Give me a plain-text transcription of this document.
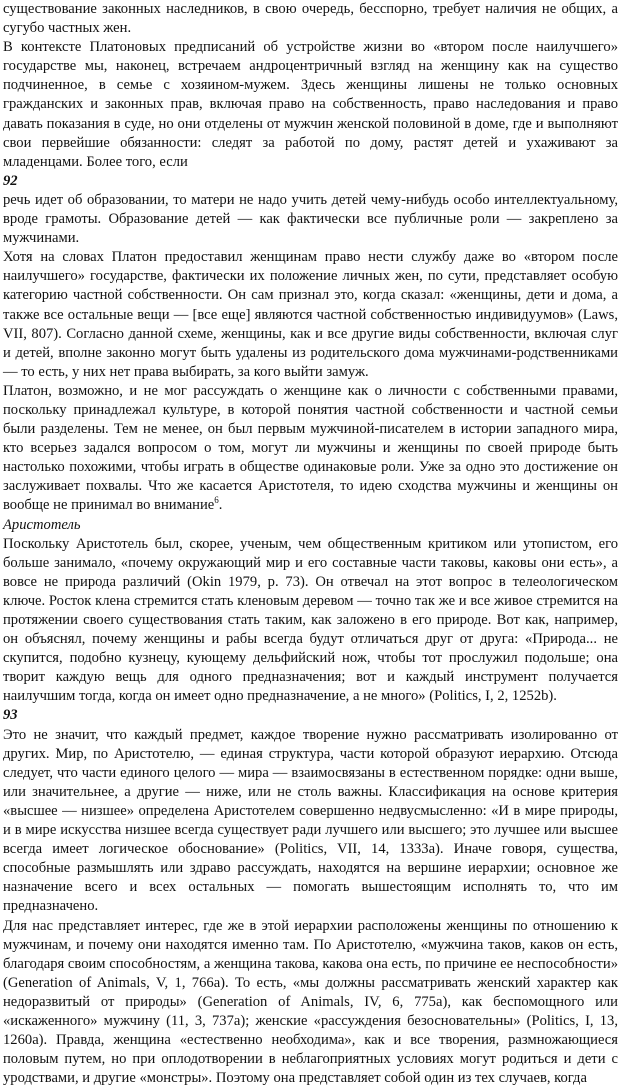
существование законных наследников, в свою очередь, бесспорно, требует наличия не общих, а сугубо частных жен.

В контексте Платоновых предписаний об устройстве жизни во «втором после наилучшего» государстве мы, наконец, встречаем андроцентричный взгляд на женщину как на существо подчиненное, в семье с хозяином-мужем. Здесь женщины лишены не только основных гражданских и законных прав, включая право на собственность, право наследования и право давать показания в суде, но они отделены от мужчин женской половиной в доме, где и выполняют свои первейшие обязанности: следят за работой по дому, растят детей и ухаживают за младенцами. Более того, если

92

речь идет об образовании, то матери не надо учить детей чему-нибудь особо интеллектуальному, вроде грамоты. Образование детей — как фактически все публичные роли — закреплено за мужчинами.

Хотя на словах Платон предоставил женщинам право нести службу даже во «втором после наилучшего» государстве, фактически их положение личных жен, по сути, представляет особую категорию частной собственности. Он сам признал это, когда сказал: «женщины, дети и дома, а также все остальные вещи — [все еще] являются частной собственностью индивидуумов» (Laws, VII, 807). Согласно данной схеме, женщины, как и все другие виды собственности, включая слуг и детей, вполне законно могут быть удалены из родительского дома мужчинами-родственниками — то есть, у них нет права выбирать, за кого выйти замуж.

Платон, возможно, и не мог рассуждать о женщине как о личности с собственными правами, поскольку принадлежал культуре, в которой понятия частной собственности и частной семьи были разделены. Тем не менее, он был первым мужчиной-писателем в истории западного мира, кто всерьез задался вопросом о том, могут ли мужчины и женщины по своей природе быть настолько похожими, чтобы играть в обществе одинаковые роли. Уже за одно это достижение он заслуживает похвалы. Что же касается Аристотеля, то идею сходства мужчины и женщины он вообще не принимал во внимание$^6$.

Аристотель

Поскольку Аристотель был, скорее, ученым, чем общественным критиком или утопистом, его больше занимало, «почему окружающий мир и его составные части таковы, каковы они есть», а вовсе не природа различий (Okin 1979, p. 73). Он отвечал на этот вопрос в телеологическом ключе. Росток клена стремится стать кленовым деревом — точно так же и все живое стремится на протяжении своего существования стать таким, как заложено в его природе. Вот как, например, он объяснял, почему женщины и рабы всегда будут отличаться друг от друга: «Природа... не скупится, подобно кузнецу, кующему дельфийский нож, чтобы тот прослужил подольше; она творит каждую вещь для одного предназначения; вот и каждый инструмент получается наилучшим тогда, когда он имеет одно предназначение, а не много» (Politics, I, 2, 1252b).

93

Это не значит, что каждый предмет, каждое творение нужно рассматривать изолированно от других. Мир, по Аристотелю, — единая структура, части которой образуют иерархию. Отсюда следует, что части единого целого — мира — взаимосвязаны в естественном порядке: одни выше, или значительнее, а другие — ниже, или не столь важны. Классификация на основе критерия «высшее — низшее» определена Аристотелем совершенно недвусмысленно: «И в мире природы, и в мире искусства низшее всегда существует ради лучшего или высшего; это лучшее или высшее всегда имеет логическое обоснование» (Politics, VII, 14, 1333a). Иначе говоря, существа, способные размышлять или здраво рассуждать, находятся на вершине иерархии; основное же назначение всего и всех остальных — помогать вышестоящим исполнять то, что им предназначено.

Для нас представляет интерес, где же в этой иерархии расположены женщины по отношению к мужчинам, и почему они находятся именно там. По Аристотелю, «мужчина таков, каков он есть, благодаря своим способностям, а женщина такова, какова она есть, по причине ее неспособности» (Generation of Animals, V, 1, 766a). То есть, «мы должны рассматривать женский характер как недоразвитый от природы» (Generation of Animals, IV, 6, 775a), как беспомощного или «искаженного» мужчину (11, 3, 737a); женские «рассуждения безосновательны» (Politics, I, 13, 1260a). Правда, женщина «естественно необходима», как и все творения, размножающиеся половым путем, но при оплодотворении в неблагоприятных условиях могут родиться и дети с уродствами, и другие «монстры». Поэтому она представляет собой один из тех случаев, когда
